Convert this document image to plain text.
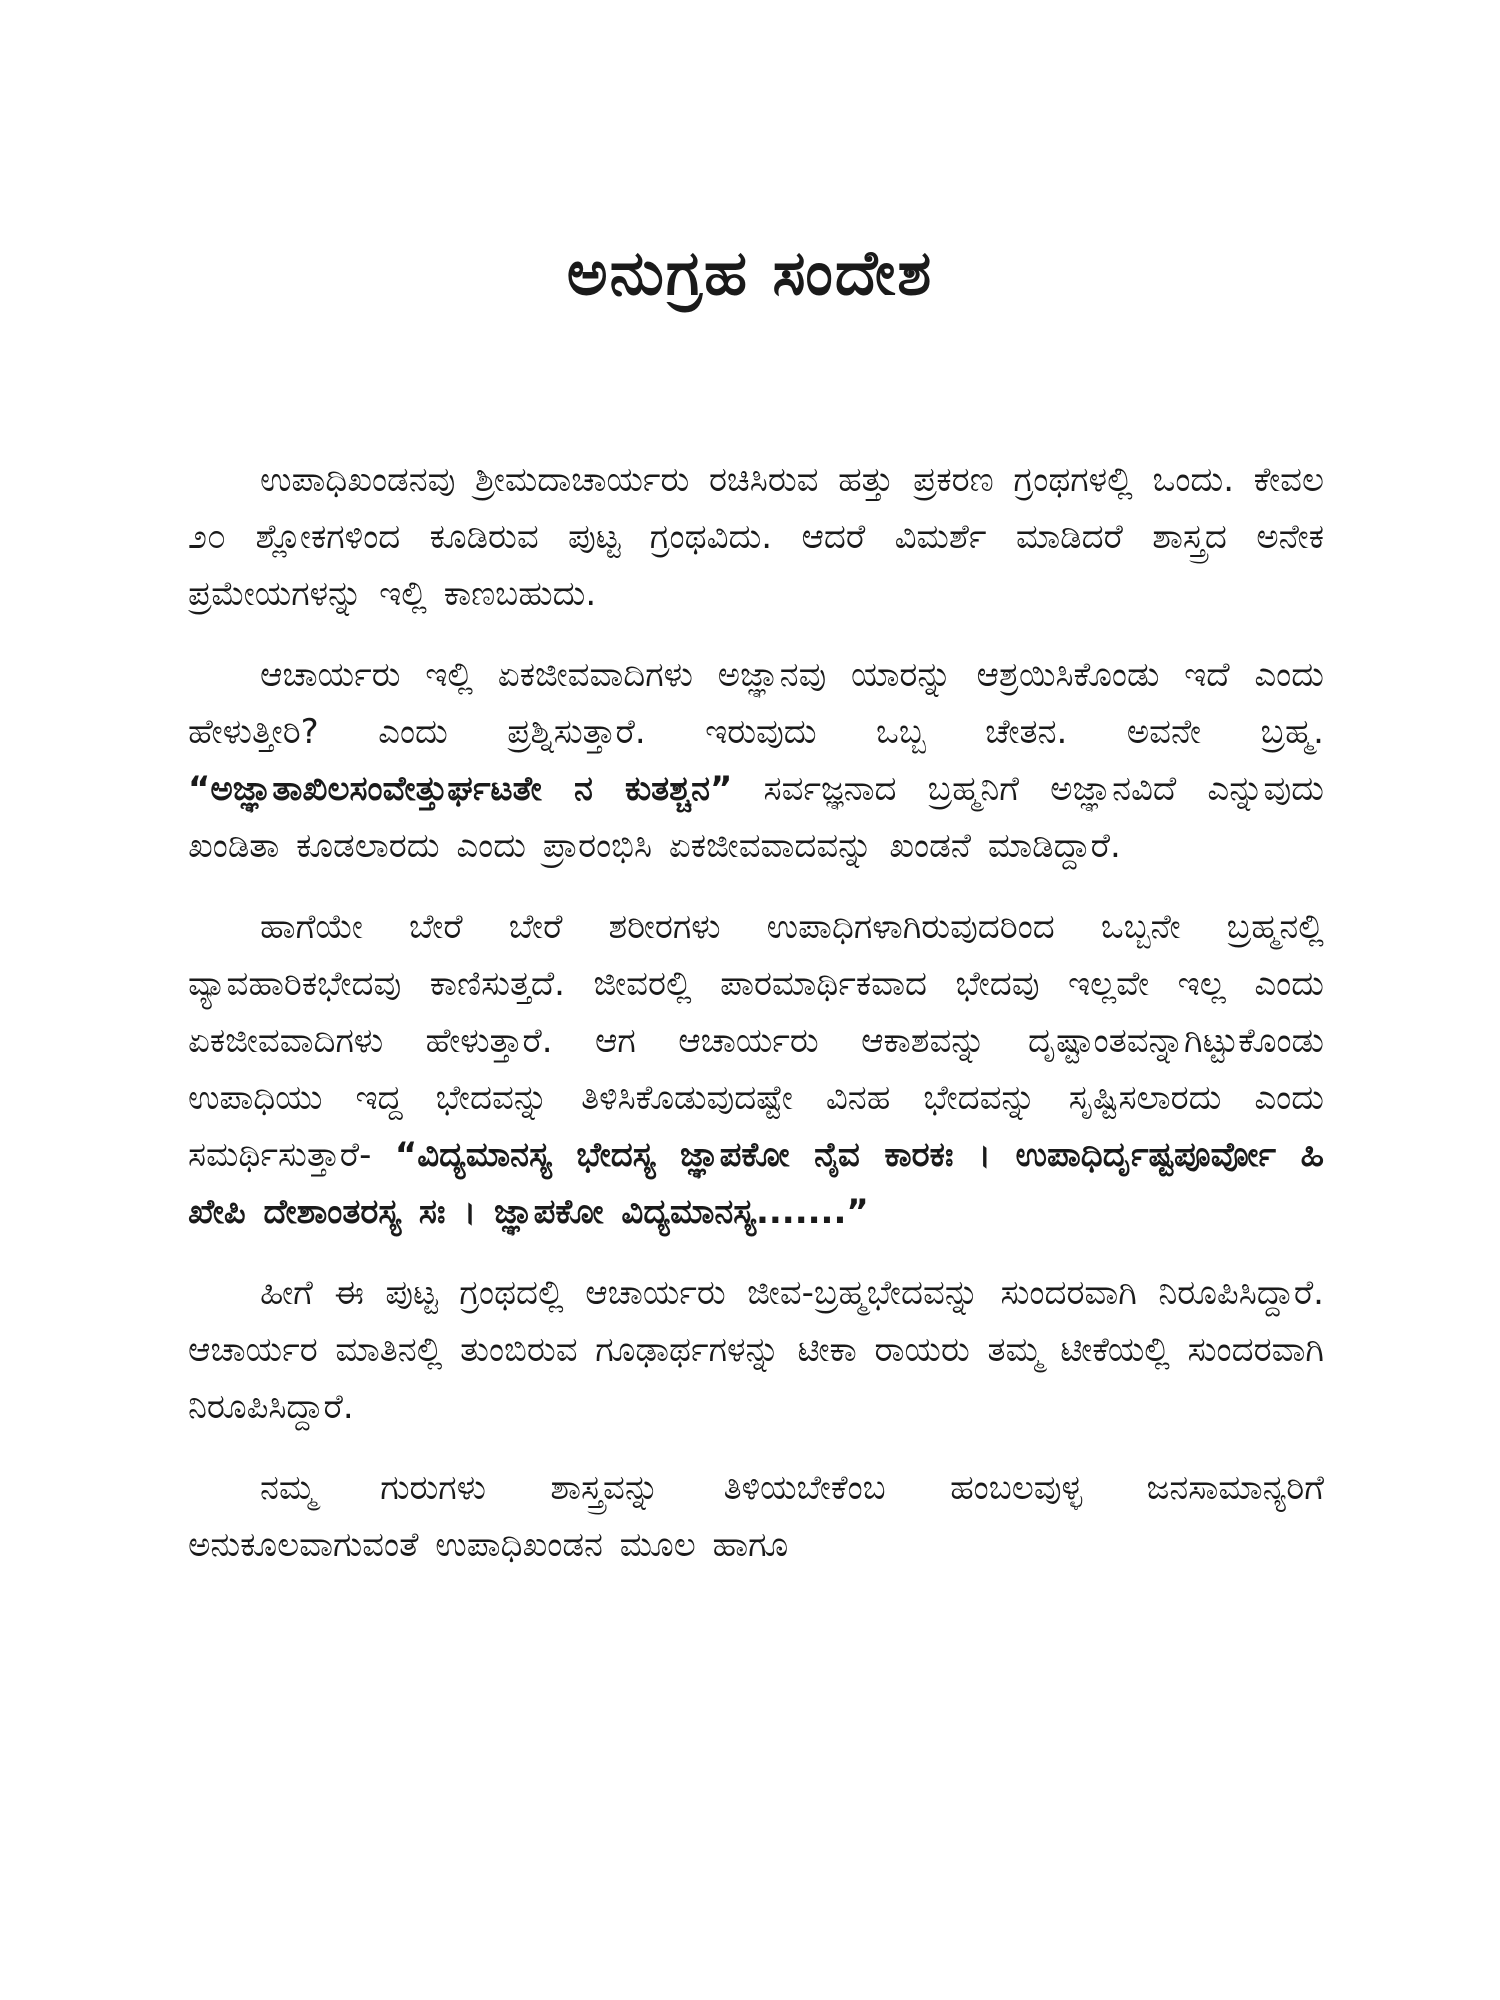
ಅನುಗ್ರಹ ಸಂದೇಶ

ಉಪಾಧಿಖಂಡನವು ಶ್ರೀಮದಾಚಾರ್ಯರು ರಚಿಸಿರುವ ಹತ್ತು ಪ್ರಕರಣ ಗ್ರಂಥಗಳಲ್ಲಿ ಒಂದು. ಕೇವಲ ೨೦ ಶ್ಲೋಕಗಳಿಂದ ಕೂಡಿರುವ ಪುಟ್ಟ ಗ್ರಂಥವಿದು. ಆದರೆ ವಿಮರ್ಶೆ ಮಾಡಿದರೆ ಶಾಸ್ತ್ರದ ಅನೇಕ ಪ್ರಮೇಯಗಳನ್ನು ಇಲ್ಲಿ ಕಾಣಬಹುದು.

ಆಚಾರ್ಯರು ಇಲ್ಲಿ ಏಕಜೀವವಾದಿಗಳು ಅಜ್ಞಾನವು ಯಾರನ್ನು ಆಶ್ರಯಿಸಿಕೊಂಡು ಇದೆ ಎಂದು ಹೇಳುತ್ತೀರಿ? ಎಂದು ಪ್ರಶ್ನಿಸುತ್ತಾರೆ. ಇರುವುದು ಒಬ್ಬ ಚೇತನ. ಅವನೇ ಬ್ರಹ್ಮ. “ಅಜ್ಞಾತಾಖಿಲಸಂವೇತ್ತುರ್ಘಟತೇ ನ ಕುತಶ್ಚನ” ಸರ್ವಜ್ಞನಾದ ಬ್ರಹ್ಮನಿಗೆ ಅಜ್ಞಾನವಿದೆ ಎನ್ನುವುದು ಖಂಡಿತಾ ಕೂಡಲಾರದು ಎಂದು ಪ್ರಾರಂಭಿಸಿ ಏಕಜೀವವಾದವನ್ನು ಖಂಡನೆ ಮಾಡಿದ್ದಾರೆ.

ಹಾಗೆಯೇ ಬೇರೆ ಬೇರೆ ಶರೀರಗಳು ಉಪಾಧಿಗಳಾಗಿರುವುದರಿಂದ ಒಬ್ಬನೇ ಬ್ರಹ್ಮನಲ್ಲಿ ವ್ಯಾವಹಾರಿಕಭೇದವು ಕಾಣಿಸುತ್ತದೆ. ಜೀವರಲ್ಲಿ ಪಾರಮಾರ್ಥಿಕವಾದ ಭೇದವು ಇಲ್ಲವೇ ಇಲ್ಲ ಎಂದು ಏಕಜೀವವಾದಿಗಳು ಹೇಳುತ್ತಾರೆ. ಆಗ ಆಚಾರ್ಯರು ಆಕಾಶವನ್ನು ದೃಷ್ಟಾಂತವನ್ನಾಗಿಟ್ಟುಕೊಂಡು ಉಪಾಧಿಯು ಇದ್ದ ಭೇದವನ್ನು ತಿಳಿಸಿಕೊಡುವುದಷ್ಟೇ ವಿನಹ ಭೇದವನ್ನು ಸೃಷ್ಟಿಸಲಾರದು ಎಂದು ಸಮರ್ಥಿಸುತ್ತಾರೆ- “ವಿದ್ಯಮಾನಸ್ಯ ಭೇದಸ್ಯ ಜ್ಞಾಪಕೋ ನೈವ ಕಾರಕಃ । ಉಪಾಧಿರ್ದೃಷ್ಟಪೂರ್ವೋ ಹಿ ಖೇಪಿ ದೇಶಾಂತರಸ್ಯ ಸಃ । ಜ್ಞಾಪಕೋ ವಿದ್ಯಮಾನಸ್ಯ.......”

ಹೀಗೆ ಈ ಪುಟ್ಟ ಗ್ರಂಥದಲ್ಲಿ ಆಚಾರ್ಯರು ಜೀವ-ಬ್ರಹ್ಮಭೇದವನ್ನು ಸುಂದರವಾಗಿ ನಿರೂಪಿಸಿದ್ದಾರೆ. ಆಚಾರ್ಯರ ಮಾತಿನಲ್ಲಿ ತುಂಬಿರುವ ಗೂಢಾರ್ಥಗಳನ್ನು ಟೀಕಾ ರಾಯರು ತಮ್ಮ ಟೀಕೆಯಲ್ಲಿ ಸುಂದರವಾಗಿ ನಿರೂಪಿಸಿದ್ದಾರೆ.

ನಮ್ಮ ಗುರುಗಳು ಶಾಸ್ತ್ರವನ್ನು ತಿಳಿಯಬೇಕೆಂಬ ಹಂಬಲವುಳ್ಳ ಜನಸಾಮಾನ್ಯರಿಗೆ ಅನುಕೂಲವಾಗುವಂತೆ ಉಪಾಧಿಖಂಡನ ಮೂಲ ಹಾಗೂ
